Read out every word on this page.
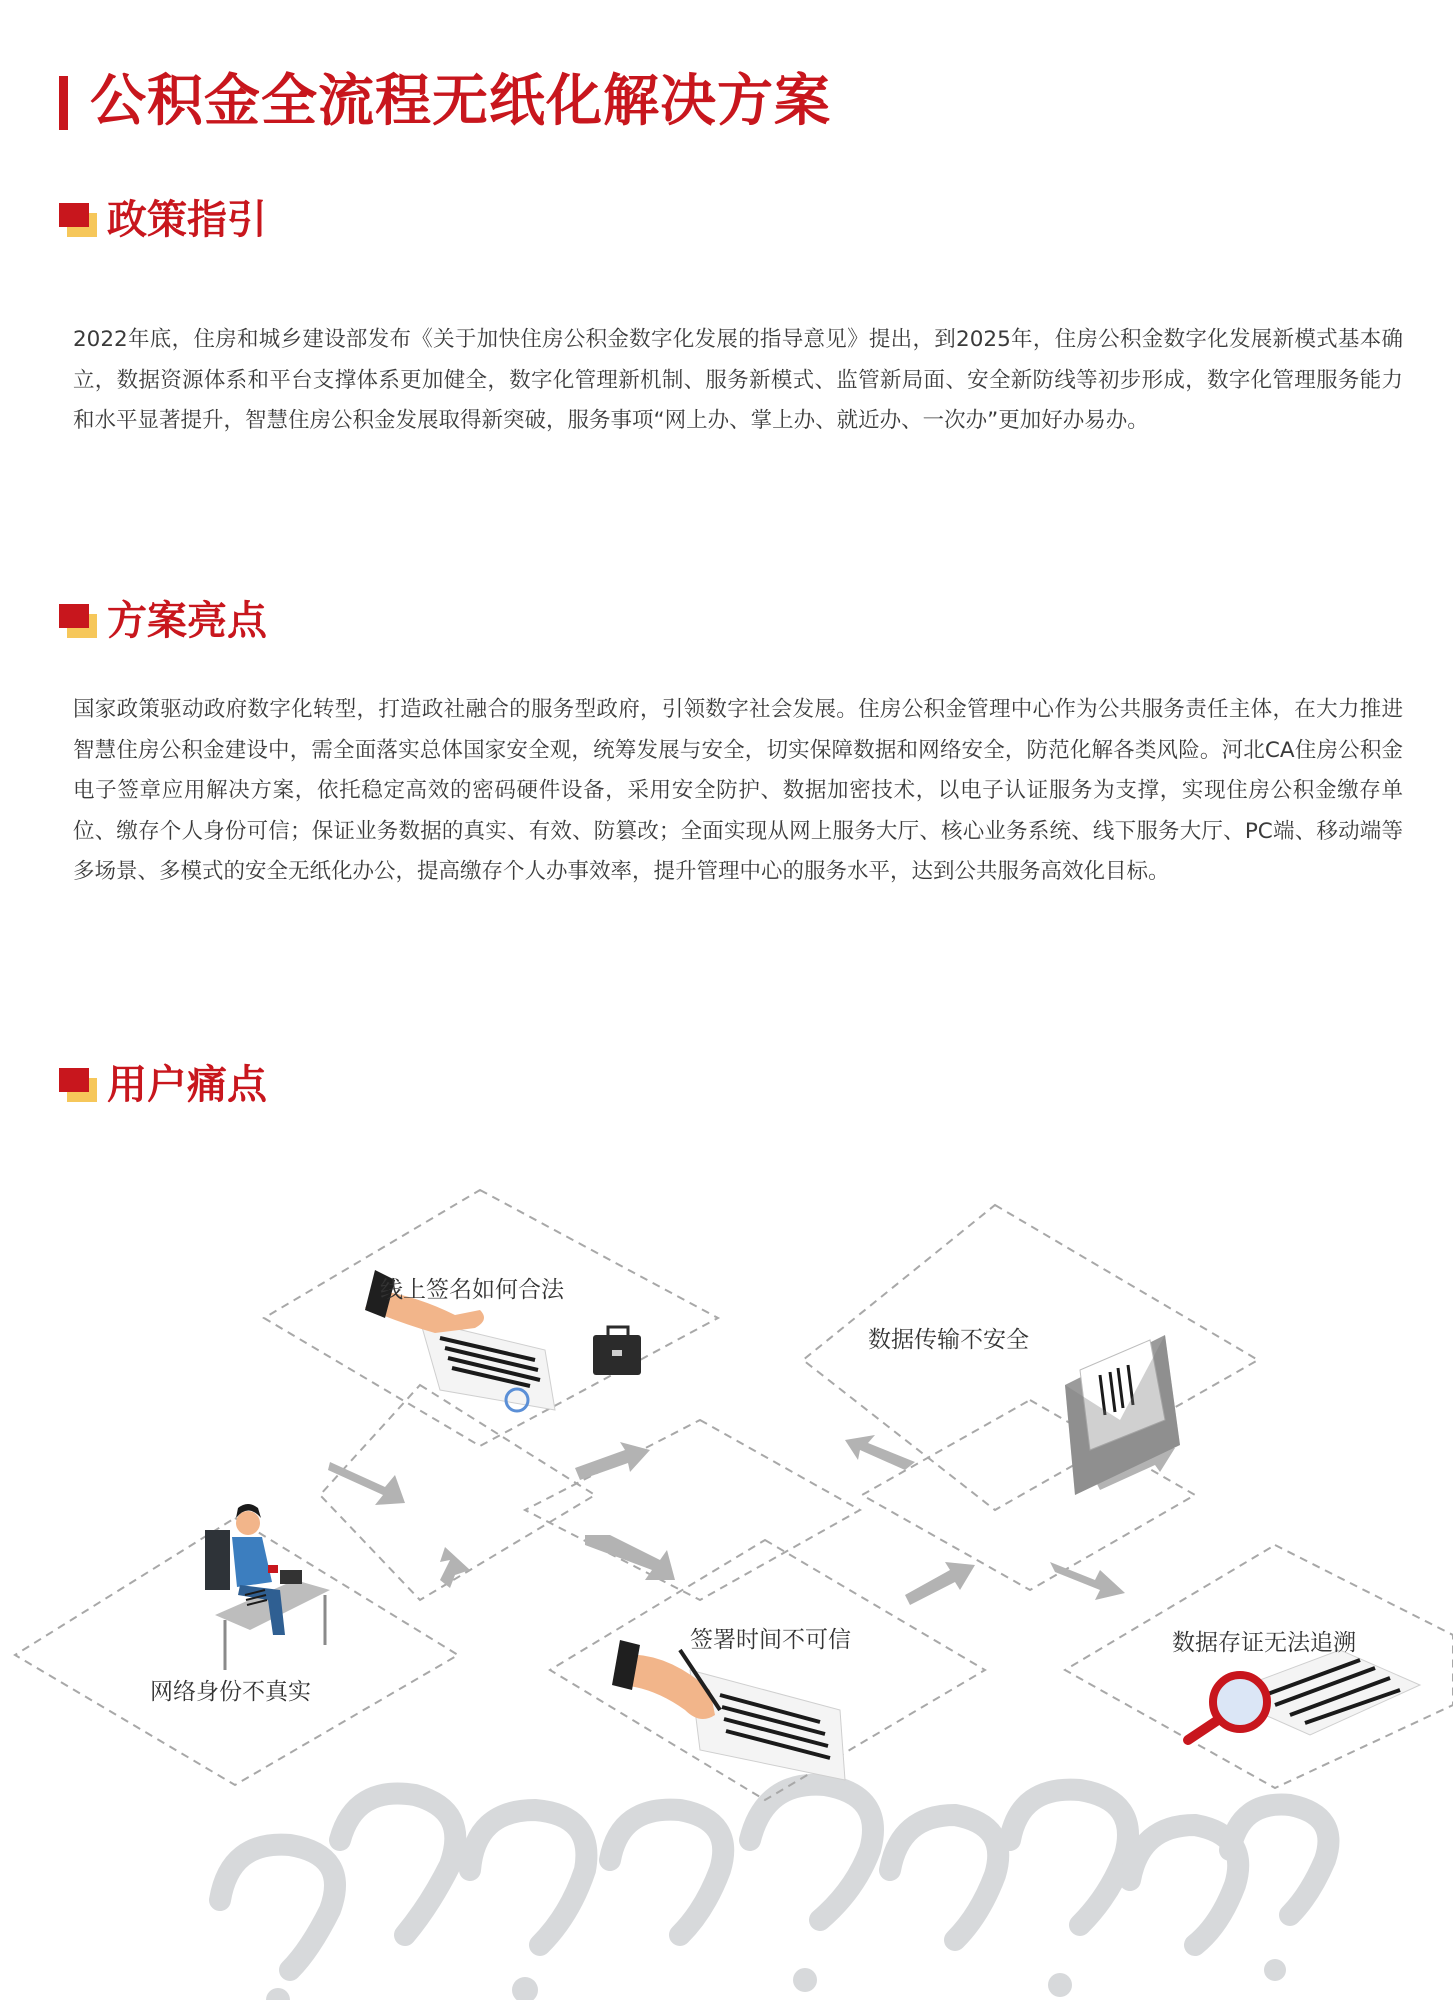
公积金全流程无纸化解决方案
政策指引

2022年底，住房和城乡建设部发布《关于加快住房公积金数字化发展的指导意见》提出，到2025年，住房公积金数字化发展新模式基本确立，数据资源体系和平台支撑体系更加健全，数字化管理新机制、服务新模式、监管新局面、安全新防线等初步形成，数字化管理服务能力和水平显著提升，智慧住房公积金发展取得新突破，服务事项“网上办、掌上办、就近办、一次办”更加好办易办。

方案亮点

国家政策驱动政府数字化转型，打造政社融合的服务型政府，引领数字社会发展。住房公积金管理中心作为公共服务责任主体，在大力推进智慧住房公积金建设中，需全面落实总体国家安全观，统筹发展与安全，切实保障数据和网络安全，防范化解各类风险。河北CA住房公积金电子签章应用解决方案，依托稳定高效的密码硬件设备，采用安全防护、数据加密技术，以电子认证服务为支撑，实现住房公积金缴存单位、缴存个人身份可信；保证业务数据的真实、有效、防篡改；全面实现从网上服务大厅、核心业务系统、线下服务大厅、PC端、移动端等多场景、多模式的安全无纸化办公，提高缴存个人办事效率，提升管理中心的服务水平，达到公共服务高效化目标。

用户痛点
线上签名如何合法
数据传输不安全
网络身份不真实
签署时间不可信	数据存证无法追溯
